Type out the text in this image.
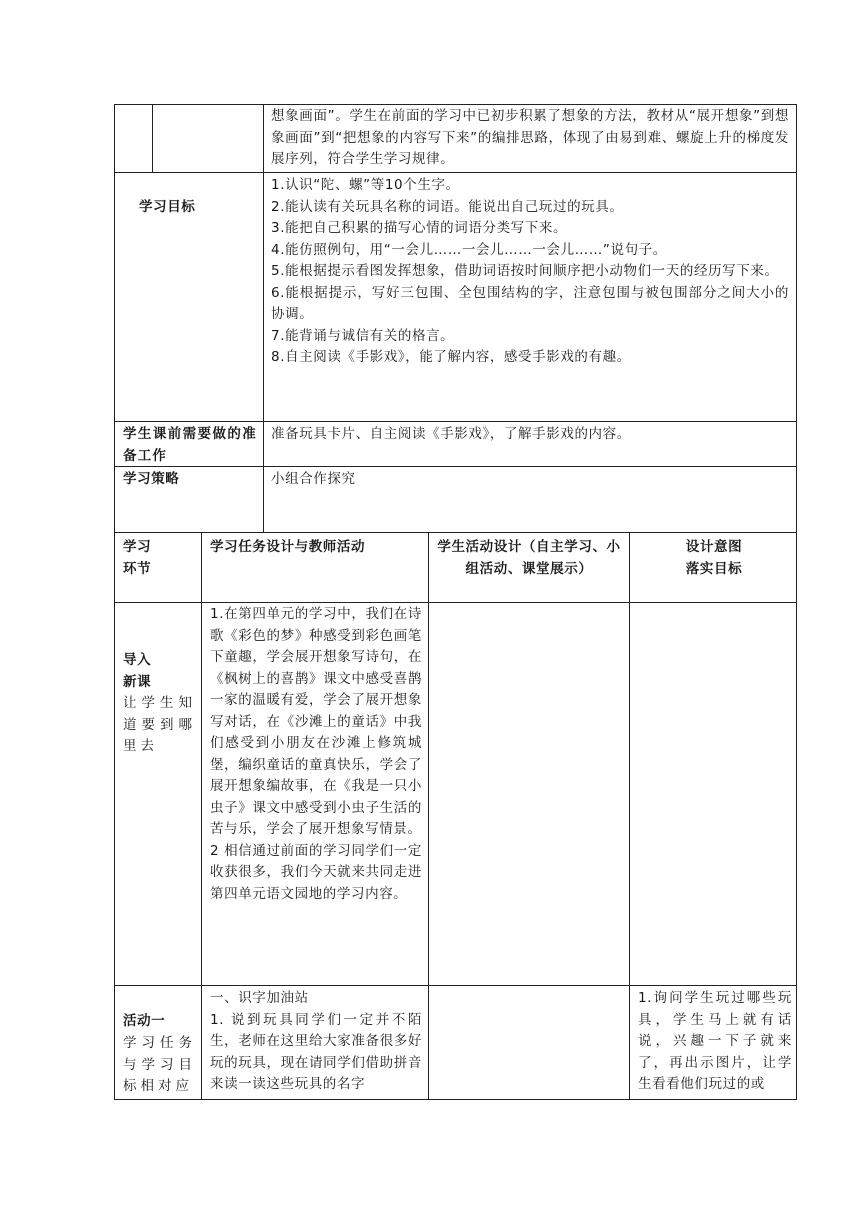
想象画面”。学生在前面的学习中已初步积累了想象的方法，教材从“展开想象”到想象画面”到“把想象的内容写下来”的编排思路，体现了由易到难、螺旋上升的梯度发展序列，符合学生学习规律。
学习目标
1.认识“陀、螺”等10个生字。
2.能认读有关玩具名称的词语。能说出自己玩过的玩具。
3.能把自己积累的描写心情的词语分类写下来。
4.能仿照例句，用“一会儿……一会儿……一会儿……”说句子。
5.能根据提示看图发挥想象，借助词语按时间顺序把小动物们一天的经历写下来。
6.能根据提示，写好三包围、全包围结构的字，注意包围与被包围部分之间大小的协调。
7.能背诵与诚信有关的格言。
8.自主阅读《手影戏》，能了解内容，感受手影戏的有趣。
学生课前需要做的准备工作
准备玩具卡片、自主阅读《手影戏》，了解手影戏的内容。
学习策略	小组合作探究
学习环节
学习任务设计与教师活动	学生活动设计（自主学习、小组活动、课堂展示）
设计意图
落实目标
导入新课
让学生知道要到哪里去
1.在第四单元的学习中，我们在诗歌《彩色的梦》种感受到彩色画笔下童趣，学会展开想象写诗句，在《枫树上的喜鹊》课文中感受喜鹊一家的温暖有爱，学会了展开想象写对话，在《沙滩上的童话》中我们感受到小朋友在沙滩上修筑城堡，编织童话的童真快乐，学会了展开想象编故事，在《我是一只小虫子》课文中感受到小虫子生活的苦与乐，学会了展开想象写情景。
2 相信通过前面的学习同学们一定收获很多，我们今天就来共同走进第四单元语文园地的学习内容。
活动一
学习任务与学习目标相对应
一、识字加油站
1. 说到玩具同学们一定并不陌生，老师在这里给大家准备很多好玩的玩具，现在请同学们借助拼音来读一读这些玩具的名字
1.询问学生玩过哪些玩具，学生马上就有话说，兴趣一下子就来了，再出示图片，让学生看看他们玩过的或
